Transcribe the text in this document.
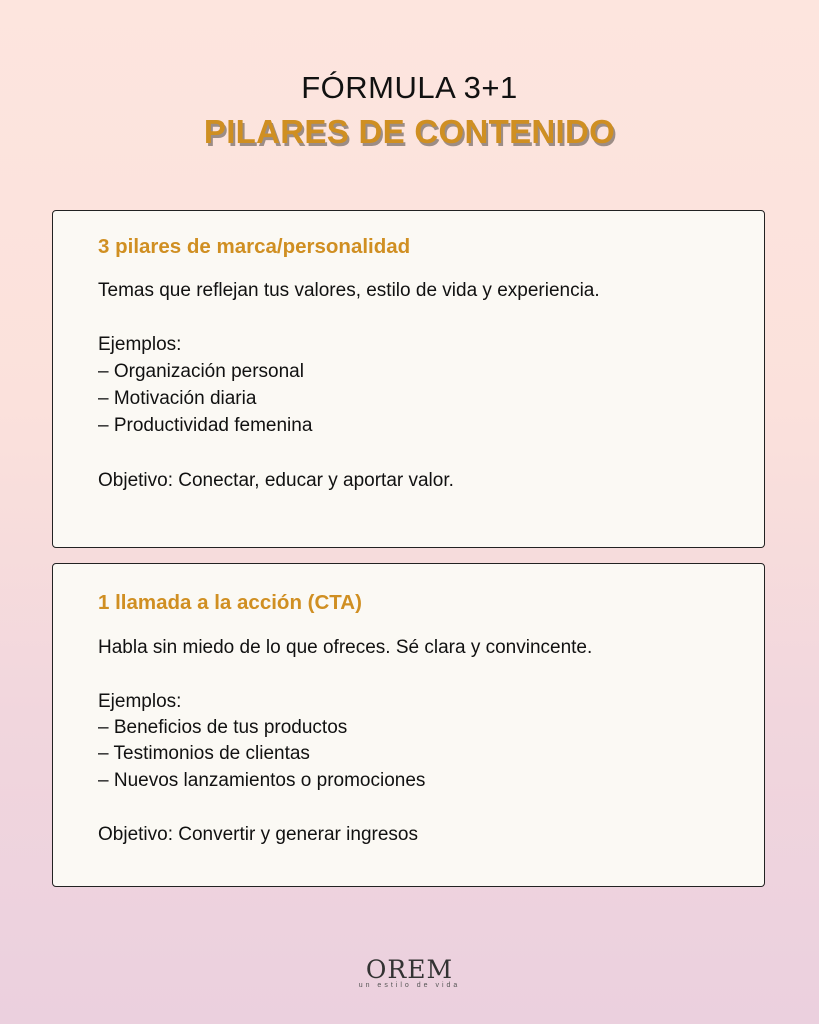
FÓRMULA 3+1
PILARES DE CONTENIDO
3 pilares de marca/personalidad
Temas que reflejan tus valores, estilo de vida y experiencia.
Ejemplos:
– Organización personal
– Motivación diaria
– Productividad femenina
Objetivo: Conectar, educar y aportar valor.
1 llamada a la acción (CTA)
Habla sin miedo de lo que ofreces. Sé clara y convincente.
Ejemplos:
– Beneficios de tus productos
– Testimonios de clientas
– Nuevos lanzamientos o promociones
Objetivo: Convertir y generar ingresos
OREM
un estilo de vida
